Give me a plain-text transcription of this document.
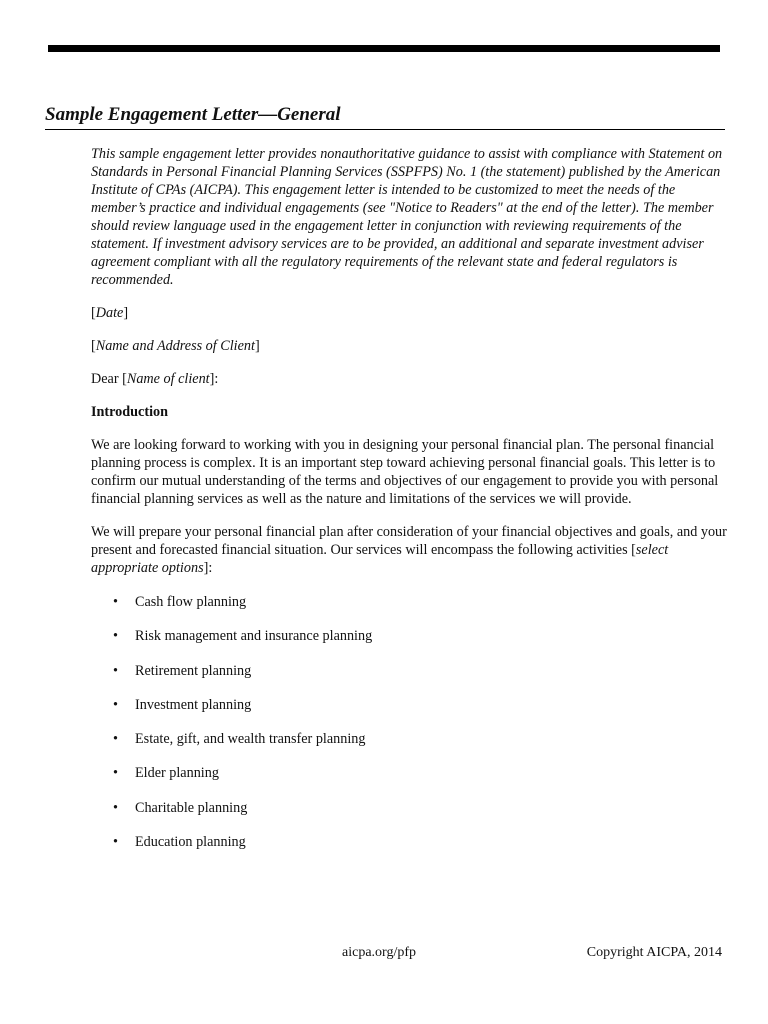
Sample Engagement Letter—General

This sample engagement letter provides nonauthoritative guidance to assist with compliance with Statement on Standards in Personal Financial Planning Services (SSPFPS) No. 1 (the statement) published by the American Institute of CPAs (AICPA). This engagement letter is intended to be customized to meet the needs of the member’s practice and individual engagements (see "Notice to Readers" at the end of the letter). The member should review language used in the engagement letter in conjunction with reviewing requirements of the statement. If investment advisory services are to be provided, an additional and separate investment adviser agreement compliant with all the regulatory requirements of the relevant state and federal regulators is recommended.

[Date]

[Name and Address of Client]

Dear [Name of client]:

Introduction

We are looking forward to working with you in designing your personal financial plan. The personal financial planning process is complex. It is an important step toward achieving personal financial goals. This letter is to confirm our mutual understanding of the terms and objectives of our engagement to provide you with personal financial planning services as well as the nature and limitations of the services we will provide.

We will prepare your personal financial plan after consideration of your financial objectives and goals, and your present and forecasted financial situation. Our services will encompass the following activities [select appropriate options]:

• Cash flow planning
• Risk management and insurance planning
• Retirement planning
• Investment planning
• Estate, gift, and wealth transfer planning
• Elder planning
• Charitable planning
• Education planning
aicpa.org/pfp	Copyright AICPA, 2014
